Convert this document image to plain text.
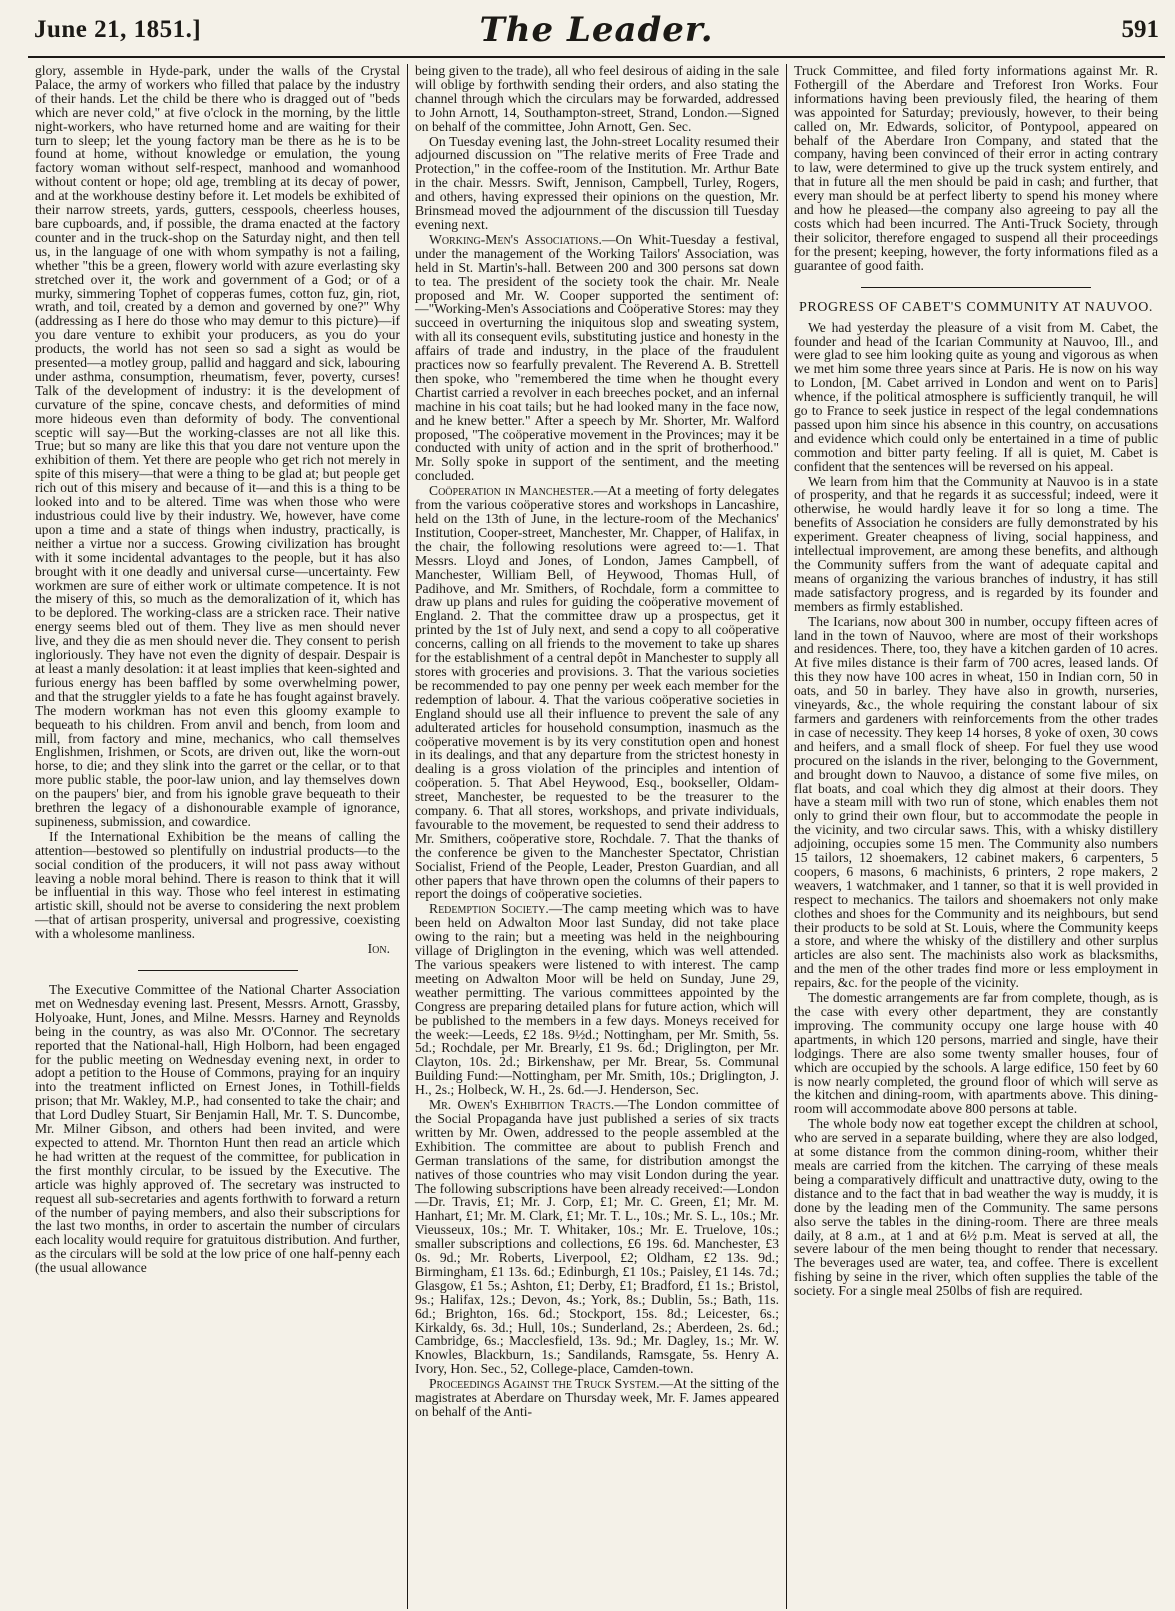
June 21, 1851.]	The Leader.	591

glory, assemble in Hyde-park, under the walls of the Crystal Palace, the army of workers who filled that palace by the industry of their hands. Let the child be there who is dragged out of "beds which are never cold," at five o'clock in the morning, by the little night-workers, who have returned home and are waiting for their turn to sleep; let the young factory man be there as he is to be found at home, without knowledge or emulation, the young factory woman without self-respect, manhood and womanhood without content or hope; old age, trembling at its decay of power, and at the workhouse destiny before it. Let models be exhibited of their narrow streets, yards, gutters, cesspools, cheerless houses, bare cupboards, and, if possible, the drama enacted at the factory counter and in the truck-shop on the Saturday night, and then tell us, in the language of one with whom sympathy is not a failing, whether "this be a green, flowery world with azure everlasting sky stretched over it, the work and government of a God; or of a murky, simmering Tophet of copperas fumes, cotton fuz, gin, riot, wrath, and toil, created by a demon and governed by one?" Why (addressing as I here do those who may demur to this picture)—if you dare venture to exhibit your producers, as you do your products, the world has not seen so sad a sight as would be presented—a motley group, pallid and haggard and sick, labouring under asthma, consumption, rheumatism, fever, poverty, curses! Talk of the development of industry: it is the development of curvature of the spine, concave chests, and deformities of mind more hideous even than deformity of body. The conventional sceptic will say—But the working-classes are not all like this. True; but so many are like this that you dare not venture upon the exhibition of them. Yet there are people who get rich not merely in spite of this misery—that were a thing to be glad at; but people get rich out of this misery and because of it—and this is a thing to be looked into and to be altered. Time was when those who were industrious could live by their industry. We, however, have come upon a time and a state of things when industry, practically, is neither a virtue nor a success. Growing civilization has brought with it some incidental advantages to the people, but it has also brought with it one deadly and universal curse—uncertainty. Few workmen are sure of either work or ultimate competence. It is not the misery of this, so much as the demoralization of it, which has to be deplored. The working-class are a stricken race. Their native energy seems bled out of them. They live as men should never live, and they die as men should never die. They consent to perish ingloriously. They have not even the dignity of despair. Despair is at least a manly desolation: it at least implies that keen-sighted and furious energy has been baffled by some overwhelming power, and that the struggler yields to a fate he has fought against bravely. The modern workman has not even this gloomy example to bequeath to his children. From anvil and bench, from loom and mill, from factory and mine, mechanics, who call themselves Englishmen, Irishmen, or Scots, are driven out, like the worn-out horse, to die; and they slink into the garret or the cellar, or to that more public stable, the poor-law union, and lay themselves down on the paupers' bier, and from his ignoble grave bequeath to their brethren the legacy of a dishonourable example of ignorance, supineness, submission, and cowardice.

If the International Exhibition be the means of calling the attention—bestowed so plentifully on industrial products—to the social condition of the producers, it will not pass away without leaving a noble moral behind. There is reason to think that it will be influential in this way. Those who feel interest in estimating artistic skill, should not be averse to considering the next problem—that of artisan prosperity, universal and progressive, coexisting with a wholesome manliness.

Ion.

The Executive Committee of the National Charter Association met on Wednesday evening last. Present, Messrs. Arnott, Grassby, Holyoake, Hunt, Jones, and Milne. Messrs. Harney and Reynolds being in the country, as was also Mr. O'Connor. The secretary reported that the National-hall, High Holborn, had been engaged for the public meeting on Wednesday evening next, in order to adopt a petition to the House of Commons, praying for an inquiry into the treatment inflicted on Ernest Jones, in Tothill-fields prison; that Mr. Wakley, M.P., had consented to take the chair; and that Lord Dudley Stuart, Sir Benjamin Hall, Mr. T. S. Duncombe, Mr. Milner Gibson, and others had been invited, and were expected to attend. Mr. Thornton Hunt then read an article which he had written at the request of the committee, for publication in the first monthly circular, to be issued by the Executive. The article was highly approved of. The secretary was instructed to request all sub-secretaries and agents forthwith to forward a return of the number of paying members, and also their subscriptions for the last two months, in order to ascertain the number of circulars each locality would require for gratuitous distribution. And further, as the circulars will be sold at the low price of one half-penny each (the usual allowance

being given to the trade), all who feel desirous of aiding in the sale will oblige by forthwith sending their orders, and also stating the channel through which the circulars may be forwarded, addressed to John Arnott, 14, Southampton-street, Strand, London.—Signed on behalf of the committee, John Arnott, Gen. Sec.

On Tuesday evening last, the John-street Locality resumed their adjourned discussion on "The relative merits of Free Trade and Protection," in the coffee-room of the Institution. Mr. Arthur Bate in the chair. Messrs. Swift, Jennison, Campbell, Turley, Rogers, and others, having expressed their opinions on the question, Mr. Brinsmead moved the adjournment of the discussion till Tuesday evening next.

Working-Men's Associations.—On Whit-Tuesday a festival, under the management of the Working Tailors' Association, was held in St. Martin's-hall. Between 200 and 300 persons sat down to tea. The president of the society took the chair. Mr. Neale proposed and Mr. W. Cooper supported the sentiment of:—"Working-Men's Associations and Coöperative Stores: may they succeed in overturning the iniquitous slop and sweating system, with all its consequent evils, substituting justice and honesty in the affairs of trade and industry, in the place of the fraudulent practices now so fearfully prevalent. The Reverend A. B. Strettell then spoke, who "remembered the time when he thought every Chartist carried a revolver in each breeches pocket, and an infernal machine in his coat tails; but he had looked many in the face now, and he knew better." After a speech by Mr. Shorter, Mr. Walford proposed, "The coöperative movement in the Provinces; may it be conducted with unity of action and in the sprit of brotherhood." Mr. Solly spoke in support of the sentiment, and the meeting concluded.

Coöperation in Manchester.—At a meeting of forty delegates from the various coöperative stores and workshops in Lancashire, held on the 13th of June, in the lecture-room of the Mechanics' Institution, Cooper-street, Manchester, Mr. Chapper, of Halifax, in the chair, the following resolutions were agreed to:—1. That Messrs. Lloyd and Jones, of London, James Campbell, of Manchester, William Bell, of Heywood, Thomas Hull, of Padihove, and Mr. Smithers, of Rochdale, form a committee to draw up plans and rules for guiding the coöperative movement of England. 2. That the committee draw up a prospectus, get it printed by the 1st of July next, and send a copy to all coöperative concerns, calling on all friends to the movement to take up shares for the establishment of a central depôt in Manchester to supply all stores with groceries and provisions. 3. That the various societies be recommended to pay one penny per week each member for the redemption of labour. 4. That the various coöperative societies in England should use all their influence to prevent the sale of any adulterated articles for household consumption, inasmuch as the coöperative movement is by its very constitution open and honest in its dealings, and that any departure from the strictest honesty in dealing is a gross violation of the principles and intention of coöperation. 5. That Abel Heywood, Esq., bookseller, Oldam-street, Manchester, be requested to be the treasurer to the company. 6. That all stores, workshops, and private individuals, favourable to the movement, be requested to send their address to Mr. Smithers, coöperative store, Rochdale. 7. That the thanks of the conference be given to the Manchester Spectator, Christian Socialist, Friend of the People, Leader, Preston Guardian, and all other papers that have thrown open the columns of their papers to report the doings of coöperative societies.

Redemption Society.—The camp meeting which was to have been held on Adwalton Moor last Sunday, did not take place owing to the rain; but a meeting was held in the neighbouring village of Driglington in the evening, which was well attended. The various speakers were listened to with interest. The camp meeting on Adwalton Moor will be held on Sunday, June 29, weather permitting. The various committees appointed by the Congress are preparing detailed plans for future action, which will be published to the members in a few days. Moneys received for the week:—Leeds, £2 18s. 9½d.; Nottingham, per Mr. Smith, 5s. 5d.; Rochdale, per Mr. Brearly, £1 9s. 6d.; Driglington, per Mr. Clayton, 10s. 2d.; Birkenshaw, per Mr. Brear, 5s. Communal Building Fund:—Nottingham, per Mr. Smith, 10s.; Driglington, J. H., 2s.; Holbeck, W. H., 2s. 6d.—J. Henderson, Sec.

Mr. Owen's Exhibition Tracts.—The London committee of the Social Propaganda have just published a series of six tracts written by Mr. Owen, addressed to the people assembled at the Exhibition. The committee are about to publish French and German translations of the same, for distribution amongst the natives of those countries who may visit London during the year. The following subscriptions have been already received:—London—Dr. Travis, £1; Mr. J. Corp, £1; Mr. C. Green, £1; Mr. M. Hanhart, £1; Mr. M. Clark, £1; Mr. T. L., 10s.; Mr. S. L., 10s.; Mr. Vieusseux, 10s.; Mr. T. Whitaker, 10s.; Mr. E. Truelove, 10s.; smaller subscriptions and collections, £6 19s. 6d. Manchester, £3 0s. 9d.; Mr. Roberts, Liverpool, £2; Oldham, £2 13s. 9d.; Birmingham, £1 13s. 6d.; Edinburgh, £1 10s.; Paisley, £1 14s. 7d.; Glasgow, £1 5s.; Ashton, £1; Derby, £1; Bradford, £1 1s.; Bristol, 9s.; Halifax, 12s.; Devon, 4s.; York, 8s.; Dublin, 5s.; Bath, 11s. 6d.; Brighton, 16s. 6d.; Stockport, 15s. 8d.; Leicester, 6s.; Kirkaldy, 6s. 3d.; Hull, 10s.; Sunderland, 2s.; Aberdeen, 2s. 6d.; Cambridge, 6s.; Macclesfield, 13s. 9d.; Mr. Dagley, 1s.; Mr. W. Knowles, Blackburn, 1s.; Sandilands, Ramsgate, 5s. Henry A. Ivory, Hon. Sec., 52, College-place, Camden-town.

Proceedings Against the Truck System.—At the sitting of the magistrates at Aberdare on Thursday week, Mr. F. James appeared on behalf of the Anti-

Truck Committee, and filed forty informations against Mr. R. Fothergill of the Aberdare and Treforest Iron Works. Four informations having been previously filed, the hearing of them was appointed for Saturday; previously, however, to their being called on, Mr. Edwards, solicitor, of Pontypool, appeared on behalf of the Aberdare Iron Company, and stated that the company, having been convinced of their error in acting contrary to law, were determined to give up the truck system entirely, and that in future all the men should be paid in cash; and further, that every man should be at perfect liberty to spend his money where and how he pleased—the company also agreeing to pay all the costs which had been incurred. The Anti-Truck Society, through their solicitor, therefore engaged to suspend all their proceedings for the present; keeping, however, the forty informations filed as a guarantee of good faith.

PROGRESS OF CABET'S COMMUNITY AT NAUVOO.

We had yesterday the pleasure of a visit from M. Cabet, the founder and head of the Icarian Community at Nauvoo, Ill., and were glad to see him looking quite as young and vigorous as when we met him some three years since at Paris. He is now on his way to London, [M. Cabet arrived in London and went on to Paris] whence, if the political atmosphere is sufficiently tranquil, he will go to France to seek justice in respect of the legal condemnations passed upon him since his absence in this country, on accusations and evidence which could only be entertained in a time of public commotion and bitter party feeling. If all is quiet, M. Cabet is confident that the sentences will be reversed on his appeal.

We learn from him that the Community at Nauvoo is in a state of prosperity, and that he regards it as successful; indeed, were it otherwise, he would hardly leave it for so long a time. The benefits of Association he considers are fully demonstrated by his experiment. Greater cheapness of living, social happiness, and intellectual improvement, are among these benefits, and although the Community suffers from the want of adequate capital and means of organizing the various branches of industry, it has still made satisfactory progress, and is regarded by its founder and members as firmly established.

The Icarians, now about 300 in number, occupy fifteen acres of land in the town of Nauvoo, where are most of their workshops and residences. There, too, they have a kitchen garden of 10 acres. At five miles distance is their farm of 700 acres, leased lands. Of this they now have 100 acres in wheat, 150 in Indian corn, 50 in oats, and 50 in barley. They have also in growth, nurseries, vineyards, &c., the whole requiring the constant labour of six farmers and gardeners with reinforcements from the other trades in case of necessity. They keep 14 horses, 8 yoke of oxen, 30 cows and heifers, and a small flock of sheep. For fuel they use wood procured on the islands in the river, belonging to the Government, and brought down to Nauvoo, a distance of some five miles, on flat boats, and coal which they dig almost at their doors. They have a steam mill with two run of stone, which enables them not only to grind their own flour, but to accommodate the people in the vicinity, and two circular saws. This, with a whisky distillery adjoining, occupies some 15 men. The Community also numbers 15 tailors, 12 shoemakers, 12 cabinet makers, 6 carpenters, 5 coopers, 6 masons, 6 machinists, 6 printers, 2 rope makers, 2 weavers, 1 watchmaker, and 1 tanner, so that it is well provided in respect to mechanics. The tailors and shoemakers not only make clothes and shoes for the Community and its neighbours, but send their products to be sold at St. Louis, where the Community keeps a store, and where the whisky of the distillery and other surplus articles are also sent. The machinists also work as blacksmiths, and the men of the other trades find more or less employment in repairs, &c. for the people of the vicinity.

The domestic arrangements are far from complete, though, as is the case with every other department, they are constantly improving. The community occupy one large house with 40 apartments, in which 120 persons, married and single, have their lodgings. There are also some twenty smaller houses, four of which are occupied by the schools. A large edifice, 150 feet by 60 is now nearly completed, the ground floor of which will serve as the kitchen and dining-room, with apartments above. This dining-room will accommodate above 800 persons at table.

The whole body now eat together except the children at school, who are served in a separate building, where they are also lodged, at some distance from the common dining-room, whither their meals are carried from the kitchen. The carrying of these meals being a comparatively difficult and unattractive duty, owing to the distance and to the fact that in bad weather the way is muddy, it is done by the leading men of the Community. The same persons also serve the tables in the dining-room. There are three meals daily, at 8 a.m., at 1 and at 6½ p.m. Meat is served at all, the severe labour of the men being thought to render that necessary. The beverages used are water, tea, and coffee. There is excellent fishing by seine in the river, which often supplies the table of the society. For a single meal 250lbs of fish are required.
